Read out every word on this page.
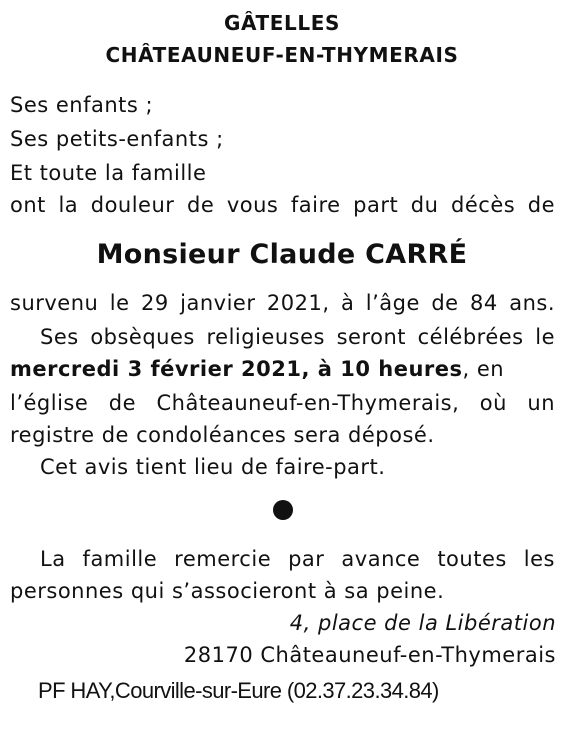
GÂTELLES
CHÂTEAUNEUF-EN-THYMERAIS
Ses enfants ;
Ses petits-enfants ;
Et toute la famille
ont la douleur de vous faire part du décès de
Monsieur Claude CARRÉ
survenu le 29 janvier 2021, à l’âge de 84 ans.
Ses obsèques religieuses seront célébrées le
mercredi 3 février 2021, à 10 heures, en
l’église de Châteauneuf-en-Thymerais, où un
registre de condoléances sera déposé.
Cet avis tient lieu de faire-part.
La famille remercie par avance toutes les
personnes qui s’associeront à sa peine.
4, place de la Libération
28170 Châteauneuf-en-Thymerais
PF HAY,Courville-sur-Eure (02.37.23.34.84)
